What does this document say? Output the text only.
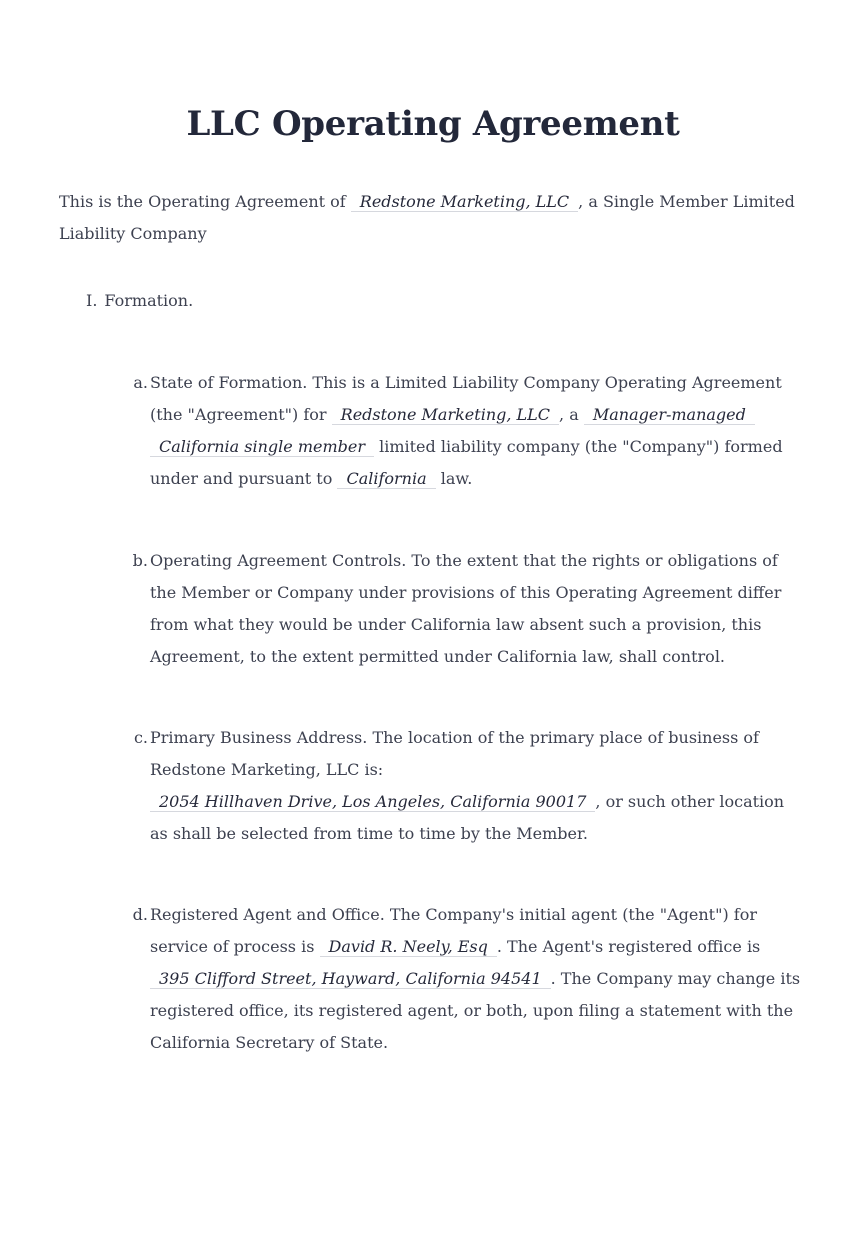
LLC Operating Agreement

This is the Operating Agreement of Redstone Marketing, LLC , a Single Member Limited Liability Company

I. Formation.

a. State of Formation. This is a Limited Liability Company Operating Agreement (the "Agreement") for Redstone Marketing, LLC , a Manager-managed California single member limited liability company (the "Company") formed under and pursuant to California law.

b. Operating Agreement Controls. To the extent that the rights or obligations of the Member or Company under provisions of this Operating Agreement differ from what they would be under California law absent such a provision, this Agreement, to the extent permitted under California law, shall control.

c. Primary Business Address. The location of the primary place of business of Redstone Marketing, LLC is:
2054 Hillhaven Drive, Los Angeles, California 90017 , or such other location as shall be selected from time to time by the Member.

d. Registered Agent and Office. The Company's initial agent (the "Agent") for service of process is David R. Neely, Esq . The Agent's registered office is 395 Clifford Street, Hayward, California 94541 . The Company may change its registered office, its registered agent, or both, upon filing a statement with the California Secretary of State.
